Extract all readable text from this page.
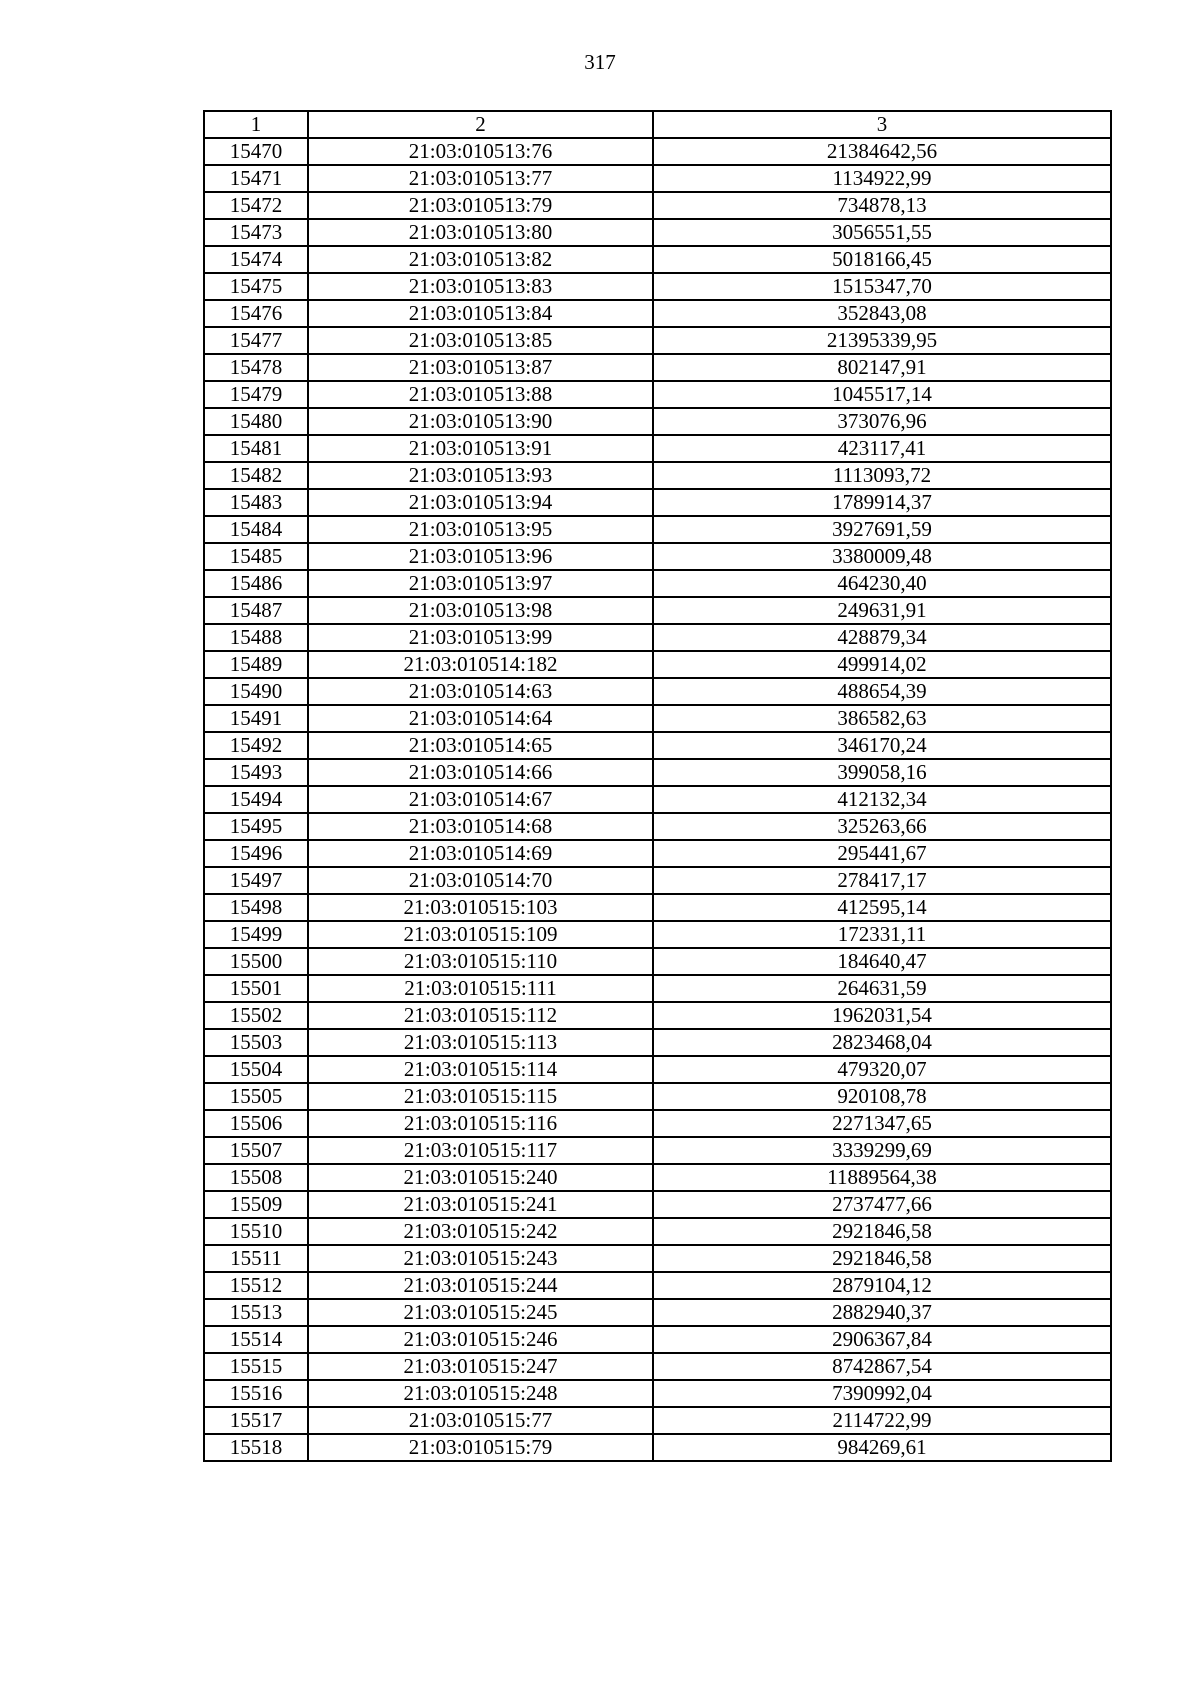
317
1	2	3
15470	21:03:010513:76	21384642,56
15471	21:03:010513:77	1134922,99
15472	21:03:010513:79	734878,13
15473	21:03:010513:80	3056551,55
15474	21:03:010513:82	5018166,45
15475	21:03:010513:83	1515347,70
15476	21:03:010513:84	352843,08
15477	21:03:010513:85	21395339,95
15478	21:03:010513:87	802147,91
15479	21:03:010513:88	1045517,14
15480	21:03:010513:90	373076,96
15481	21:03:010513:91	423117,41
15482	21:03:010513:93	1113093,72
15483	21:03:010513:94	1789914,37
15484	21:03:010513:95	3927691,59
15485	21:03:010513:96	3380009,48
15486	21:03:010513:97	464230,40
15487	21:03:010513:98	249631,91
15488	21:03:010513:99	428879,34
15489	21:03:010514:182	499914,02
15490	21:03:010514:63	488654,39
15491	21:03:010514:64	386582,63
15492	21:03:010514:65	346170,24
15493	21:03:010514:66	399058,16
15494	21:03:010514:67	412132,34
15495	21:03:010514:68	325263,66
15496	21:03:010514:69	295441,67
15497	21:03:010514:70	278417,17
15498	21:03:010515:103	412595,14
15499	21:03:010515:109	172331,11
15500	21:03:010515:110	184640,47
15501	21:03:010515:111	264631,59
15502	21:03:010515:112	1962031,54
15503	21:03:010515:113	2823468,04
15504	21:03:010515:114	479320,07
15505	21:03:010515:115	920108,78
15506	21:03:010515:116	2271347,65
15507	21:03:010515:117	3339299,69
15508	21:03:010515:240	11889564,38
15509	21:03:010515:241	2737477,66
15510	21:03:010515:242	2921846,58
15511	21:03:010515:243	2921846,58
15512	21:03:010515:244	2879104,12
15513	21:03:010515:245	2882940,37
15514	21:03:010515:246	2906367,84
15515	21:03:010515:247	8742867,54
15516	21:03:010515:248	7390992,04
15517	21:03:010515:77	2114722,99
15518	21:03:010515:79	984269,61
